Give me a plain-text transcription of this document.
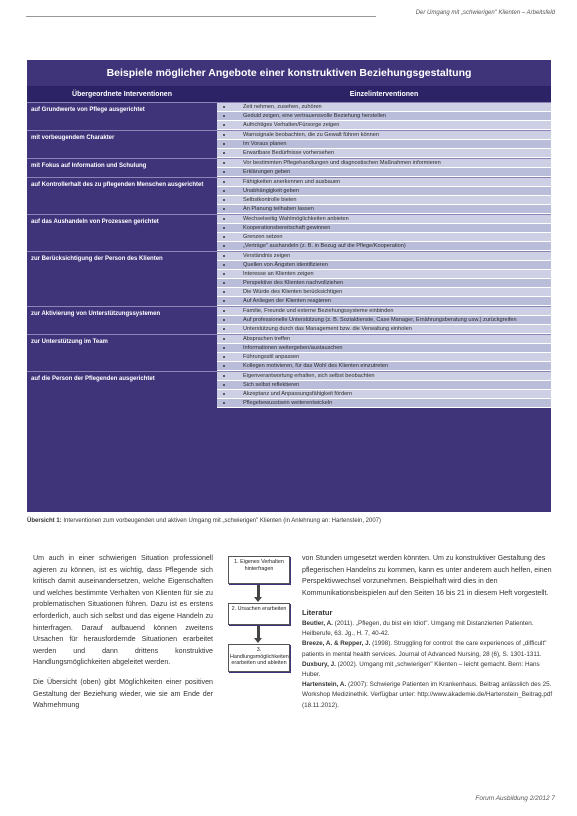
Der Umgang mit „schwierigen" Klienten – Arbeitsfeld
Beispiele möglicher Angebote einer konstruktiven Beziehungsgestaltung
Übergeordnete Interventionen	Einzelinterventionen
auf Grundwerte von Pflege ausgerichtet	Zeit nehmen, zusehen, zuhören
Geduld zeigen, eine vertrauensvolle Beziehung herstellen
Aufrichtiges Verhalten/Fürsorge zeigen
mit vorbeugendem Charakter	Warnsignale beobachten, die zu Gewalt führen können
Im Voraus planen
Erwartbare Bedürfnisse vorhersehen
mit Fokus auf Information und Schulung	Vor bestimmten Pflegehandlungen und diagnostischen Maßnahmen informieren
Erklärungen geben
auf Kontrollerhalt des zu pflegenden Menschen ausgerichtet	Fähigkeiten anerkennen und ausbauen
Unabhängigkeit geben
Selbstkontrolle bieten
An Planung teilhaben lassen
auf das Aushandeln von Prozessen gerichtet	Wechselseitig Wahlmöglichkeiten anbieten
Kooperationsbereitschaft gewinnen
Grenzen setzen
„Verträge" aushandeln (z. B. in Bezug auf die Pflege/Kooperation)
zur Berücksichtigung der Person des Klienten	Verständnis zeigen
Quellen von Ängsten identifizieren
Interesse an Klienten zeigen
Perspektive des Klienten nachvollziehen
Die Würde des Klienten berücksichtigen
Auf Anliegen der Klienten reagieren
zur Aktivierung von Unterstützungssystemen	Familie, Freunde und externe Beziehungssysteme einbinden
Auf professionelle Unterstützung (z. B. Sozialdienste, Case Manager, Ernährungsberatung usw.) zurückgreifen
Unterstützung durch das Management bzw. die Verwaltung einholen
zur Unterstützung im Team	Absprachen treffen
Informationen weitergeben/austauschen
Führungsstil anpassen
Kollegen motivieren, für das Wohl des Klienten einzutreten
auf die Person der Pflegenden ausgerichtet	Eigenverantwortung erhalten, sich selbst beobachten
Sich selbst reflektieren
Akzeptanz und Anpassungsfähigkeit fördern
Pflegebewusstsein weiterentwickeln
Übersicht 1: Interventionen zum vorbeugenden und aktiven Umgang mit „schwierigen" Klienten (in Anlehnung an: Hartenstein, 2007)

Um auch in einer schwierigen Situation professionell agieren zu können, ist es wichtig, dass Pflegende sich kritisch damit auseinandersetzen, welche Eigenschaften und welches bestimmte Verhalten von Klienten für sie zu problematischen Situationen führen. Dazu ist es erstens erforderlich, auch sich selbst und das eigene Handeln zu hinterfragen. Darauf aufbauend können zweitens Ursachen für herausfordernde Situationen erarbeitet werden und dann drittens konstruktive Handlungsmöglichkeiten abgeleitet werden.

Die Übersicht (oben) gibt Möglichkeiten einer positiven Gestaltung der Beziehung wieder, wie sie am Ende der Wahrnehmung

1. Eigenes Verhalten hinterfragen
2. Ursachen erarbeiten
3. Handlungsmöglichkeiten erarbeiten und ableiten

von Stunden umgesetzt werden könnten. Um zu konstruktiver Gestaltung des pflegerischen Handelns zu kommen, kann es unter anderem auch helfen, einen Perspektivwechsel vorzunehmen. Beispielhaft wird dies in den Kommunikationsbeispielen auf den Seiten 16 bis 21 in diesem Heft vorgestellt.

Literatur
Beutler, A. (2011). „Pflegen, du bist ein Idiot". Umgang mit Distanzierten Patienten. Heilberufe, 63. Jg., H. 7, 40-42.
Breeze, A. & Repper, J. (1998). Struggling for control: the care experiences of „difficult" patients in mental health services. Journal of Advanced Nursing, 28 (6), S. 1301-1311.
Duxbury, J. (2002). Umgang mit „schwierigen" Klienten – leicht gemacht. Bern: Hans Huber.
Hartenstein, A. (2007): Schwierige Patienten im Krankenhaus. Beitrag anlässlich des 25. Workshop Medizinethik. Verfügbar unter: http://www.akademie.de/Hartenstein_Beitrag.pdf (18.11.2012).
Forum Ausbildung 2/2012 7
